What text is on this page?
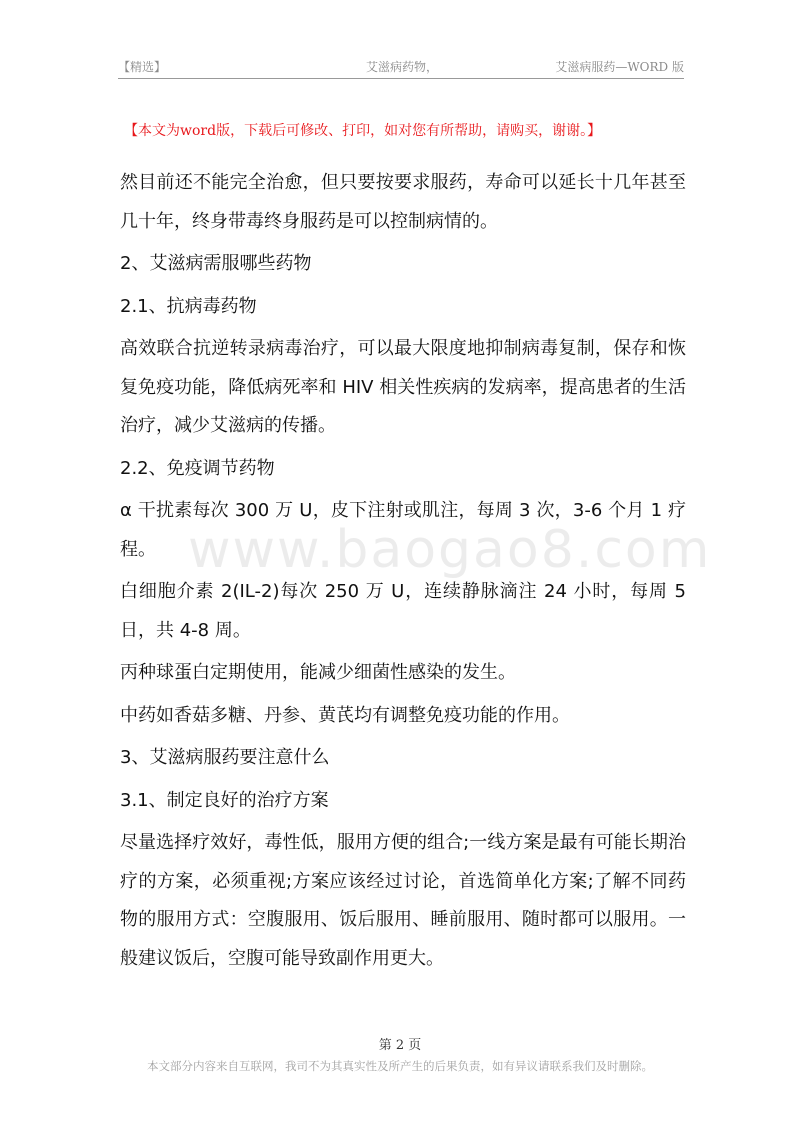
【精选】	艾滋病药物，	艾滋病服药—WORD 版
【本文为word版，下载后可修改、打印，如对您有所帮助，请购买，谢谢。】
www.baogao8.com

然目前还不能完全治愈，但只要按要求服药，寿命可以延长十几年甚至几十年，终身带毒终身服药是可以控制病情的。

2、艾滋病需服哪些药物

2.1、抗病毒药物

高效联合抗逆转录病毒治疗，可以最大限度地抑制病毒复制，保存和恢复免疫功能，降低病死率和 HIV 相关性疾病的发病率，提高患者的生活治疗，减少艾滋病的传播。

2.2、免疫调节药物

α 干扰素每次 300 万 U，皮下注射或肌注，每周 3 次，3-6 个月 1 疗程。

白细胞介素 2(IL-2)每次 250 万 U，连续静脉滴注 24 小时，每周 5 日，共 4-8 周。

丙种球蛋白定期使用，能减少细菌性感染的发生。

中药如香菇多糖、丹参、黄芪均有调整免疫功能的作用。

3、艾滋病服药要注意什么

3.1、制定良好的治疗方案

尽量选择疗效好，毒性低，服用方便的组合;一线方案是最有可能长期治疗的方案，必须重视;方案应该经过讨论，首选简单化方案;了解不同药物的服用方式：空腹服用、饭后服用、睡前服用、随时都可以服用。一般建议饭后，空腹可能导致副作用更大。

第 2 页
本文部分内容来自互联网，我司不为其真实性及所产生的后果负责，如有异议请联系我们及时删除。
